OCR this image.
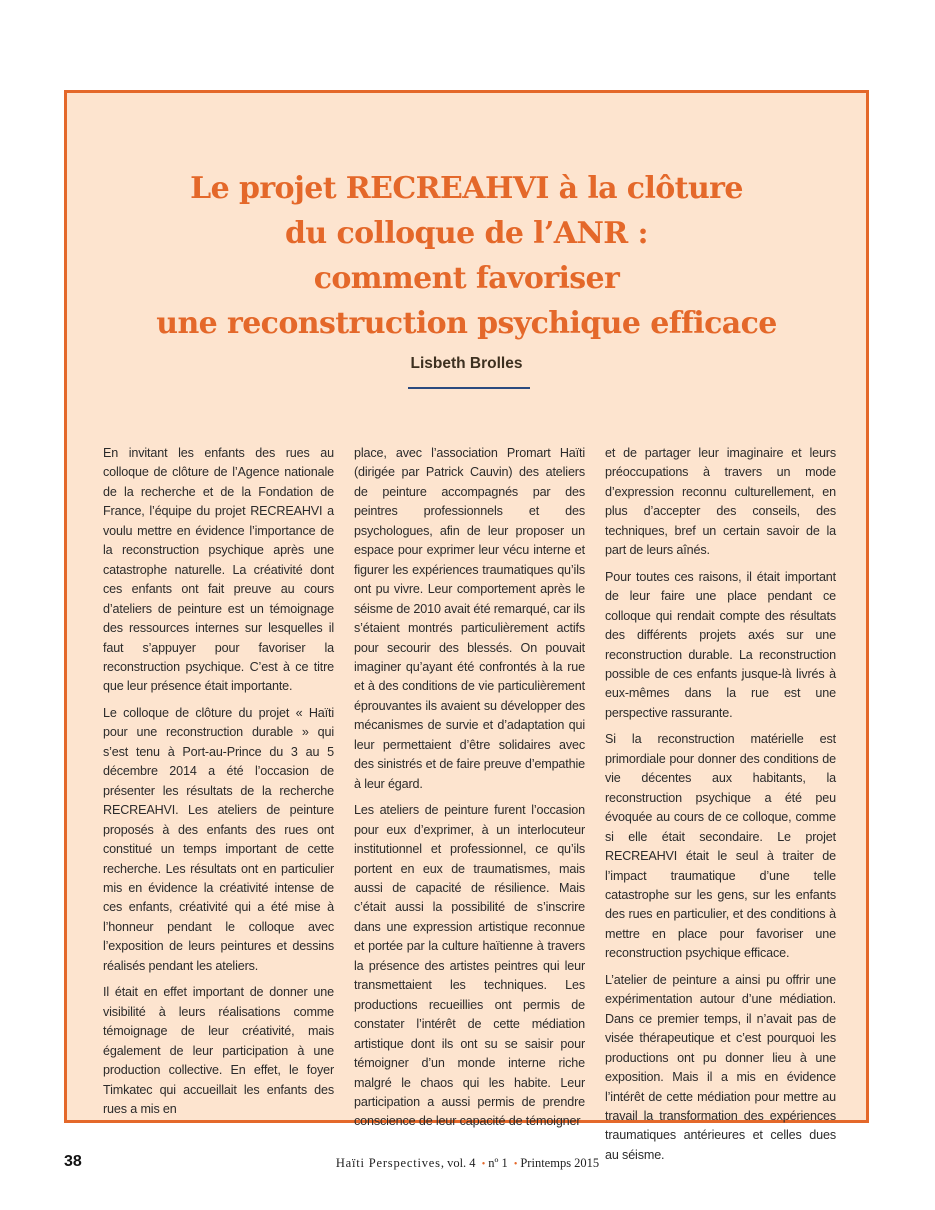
Le projet RECREAHVI à la clôture
du colloque de l’ANR :
comment favoriser
une reconstruction psychique efficace
Lisbeth Brolles

En invitant les enfants des rues au colloque de clôture de l’Agence nationale de la recherche et de la Fondation de France, l’équipe du projet RECREAHVI a voulu mettre en évidence l’importance de la reconstruction psychique après une catastrophe naturelle. La créativité dont ces enfants ont fait preuve au cours d’ateliers de peinture est un témoignage des ressources internes sur lesquelles il faut s’appuyer pour favoriser la reconstruction psychique. C’est à ce titre que leur présence était importante.

Le colloque de clôture du projet « Haïti pour une reconstruction durable » qui s’est tenu à Port-au-Prince du 3 au 5 décembre 2014 a été l’occasion de présenter les résultats de la recherche RECREAHVI. Les ateliers de peinture proposés à des enfants des rues ont constitué un temps important de cette recherche. Les résultats ont en particulier mis en évidence la créativité intense de ces enfants, créativité qui a été mise à l’honneur pendant le colloque avec l’exposition de leurs peintures et dessins réalisés pendant les ateliers.

Il était en effet important de donner une visibilité à leurs réalisations comme témoignage de leur créativité, mais également de leur participation à une production collective. En effet, le foyer Timkatec qui accueillait les enfants des rues a mis en

place, avec l’association Promart Haïti (dirigée par Patrick Cauvin) des ateliers de peinture accompagnés par des peintres professionnels et des psychologues, afin de leur proposer un espace pour exprimer leur vécu interne et figurer les expériences traumatiques qu’ils ont pu vivre. Leur comportement après le séisme de 2010 avait été remarqué, car ils s’étaient montrés particulièrement actifs pour secourir des blessés. On pouvait imaginer qu’ayant été confrontés à la rue et à des conditions de vie particulièrement éprouvantes ils avaient su développer des mécanismes de survie et d’adaptation qui leur permettaient d’être solidaires avec des sinistrés et de faire preuve d’empathie à leur égard.

Les ateliers de peinture furent l’occasion pour eux d’exprimer, à un interlocuteur institutionnel et professionnel, ce qu’ils portent en eux de traumatismes, mais aussi de capacité de résilience. Mais c’était aussi la possibilité de s’inscrire dans une expression artistique reconnue et portée par la culture haïtienne à travers la présence des artistes peintres qui leur transmettaient les techniques. Les productions recueillies ont permis de constater l’intérêt de cette médiation artistique dont ils ont su se saisir pour témoigner d’un monde interne riche malgré le chaos qui les habite. Leur participation a aussi permis de prendre conscience de leur capacité de témoigner

et de partager leur imaginaire et leurs préoccupations à travers un mode d’expression reconnu culturellement, en plus d’accepter des conseils, des techniques, bref un certain savoir de la part de leurs aînés.

Pour toutes ces raisons, il était important de leur faire une place pendant ce colloque qui rendait compte des résultats des différents projets axés sur une reconstruction durable. La reconstruction possible de ces enfants jusque-là livrés à eux-mêmes dans la rue est une perspective rassurante.

Si la reconstruction matérielle est primordiale pour donner des conditions de vie décentes aux habitants, la reconstruction psychique a été peu évoquée au cours de ce colloque, comme si elle était secondaire. Le projet RECREAHVI était le seul à traiter de l’impact traumatique d’une telle catastrophe sur les gens, sur les enfants des rues en particulier, et des conditions à mettre en place pour favoriser une reconstruction psychique efficace.

L’atelier de peinture a ainsi pu offrir une expérimentation autour d’une médiation. Dans ce premier temps, il n’avait pas de visée thérapeutique et c’est pourquoi les productions ont pu donner lieu à une exposition. Mais il a mis en évidence l’intérêt de cette médiation pour mettre au travail la transformation des expériences traumatiques antérieures et celles dues au séisme.

38	Haïti Perspectives, vol. 4 • nº 1 • Printemps 2015
